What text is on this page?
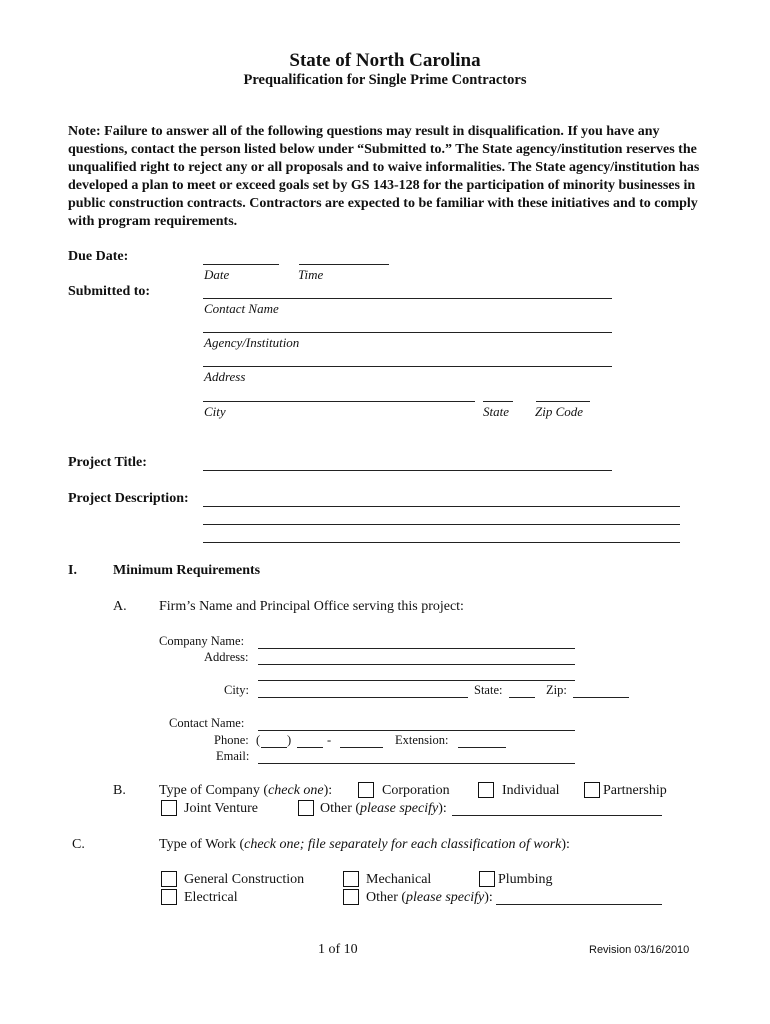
State of North Carolina
Prequalification for Single Prime Contractors
Note: Failure to answer all of the following questions may result in disqualification. If you have any questions, contact the person listed below under “Submitted to.” The State agency/institution reserves the unqualified right to reject any or all proposals and to waive informalities. The State agency/institution has developed a plan to meet or exceed goals set by GS 143-128 for the participation of minority businesses in public construction contracts. Contractors are expected to be familiar with these initiatives and to comply with program requirements.
Due Date:
Date	Time
Submitted to:
Contact Name
Agency/Institution
Address
City	State Zip Code
Project Title:
Project Description:
I.	Minimum Requirements
A. Firm’s Name and Principal Office serving this project:
Company Name:
Address:
City:	State:	Zip:
Contact Name:
Phone: ( )	-	Extension:
Email:
B. Type of Company (check one):	Corporation	Individual	Partnership
Joint Venture	Other (please specify):
C.	Type of Work (check one; file separately for each classification of work):
General Construction	Mechanical	Plumbing
Electrical	Other (please specify):
1 of 10	Revision 03/16/2010
